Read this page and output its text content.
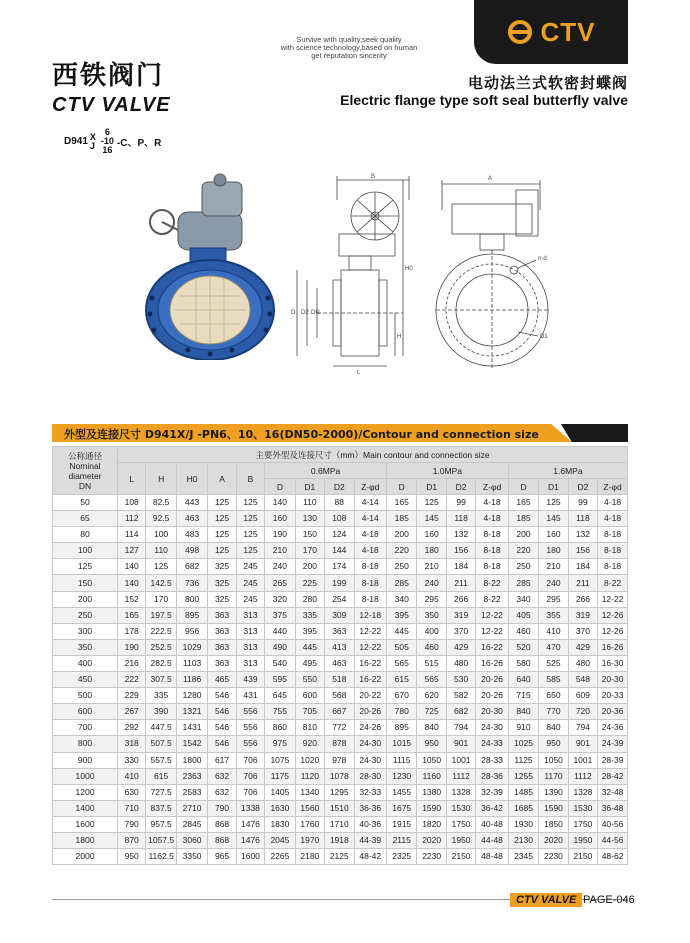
西铁阀门
CTV VALVE
Survive with quality,seek quality
with science technology,based on human
get reputation sincerity
CTV
电动法兰式软密封蝶阀
Electric flange type soft seal butterfly valve
D941 X
J
6
-10
16
-C、P、R
B
H0
H
D D2 DN
L
A
n-d
D1
外型及连接尺寸 D941X/J -PN6、10、16(DN50-2000)/Contour and connection size
公称通径
Nominal
diameter
DN	主要外型及连接尺寸（mm）Main contour and connection size																
	L	H	H0	A	B	0.6MPa				1.0MPa				1.6MPa			
						D	D1	D2	Z-φd	D	D1	D2	Z-φd	D	D1	D2	Z-φd
50	108	82.5	443	125	125	140	110	88	4-14	165	125	99	4-18	165	125	99	4-18
65	112	92.5	463	125	125	160	130	108	4-14	185	145	118	4-18	185	145	118	4-18
80	114	100	483	125	125	190	150	124	4-18	200	160	132	8-18	200	160	132	8-18
100	127	110	498	125	125	210	170	144	4-18	220	180	156	8-18	220	180	156	8-18
125	140	125	682	325	245	240	200	174	8-18	250	210	184	8-18	250	210	184	8-18
150	140	142.5	736	325	245	265	225	199	8-18	285	240	211	8-22	285	240	211	8-22
200	152	170	800	325	245	320	280	254	8-18	340	295	266	8-22	340	295	266	12-22
250	165	197.5	895	363	313	375	335	309	12-18	395	350	319	12-22	405	355	319	12-26
300	178	222.5	956	363	313	440	395	363	12-22	445	400	370	12-22	460	410	370	12-26
350	190	252.5	1029	363	313	490	445	413	12-22	505	460	429	16-22	520	470	429	16-26
400	216	282.5	1103	363	313	540	495	463	16-22	565	515	480	16-26	580	525	480	16-30
450	222	307.5	1186	465	439	595	550	518	16-22	615	565	530	20-26	640	585	548	20-30
500	229	335	1280	546	431	645	600	568	20-22	670	620	582	20-26	715	650	609	20-33
600	267	390	1321	546	556	755	705	667	20-26	780	725	682	20-30	840	770	720	20-36
700	292	447.5	1431	546	556	860	810	772	24-26	895	840	794	24-30	910	840	794	24-36
800	318	507.5	1542	546	556	975	920	878	24-30	1015	950	901	24-33	1025	950	901	24-39
900	330	557.5	1800	617	706	1075	1020	978	24-30	1115	1050	1001	28-33	1125	1050	1001	28-39
1000	410	615	2363	632	706	1175	1120	1078	28-30	1230	1160	1112	28-36	1255	1170	1112	28-42
1200	630	727.5	2583	632	706	1405	1340	1295	32-33	1455	1380	1328	32-39	1485	1390	1328	32-48
1400	710	837.5	2710	790	1338	1630	1560	1510	36-36	1675	1590	1530	36-42	1685	1590	1530	36-48
1600	790	957.5	2845	868	1476	1830	1760	1710	40-36	1915	1820	1750	40-48	1930	1850	1750	40-56
1800	870	1057.5	3060	868	1476	2045	1970	1918	44-39	2115	2020	1950	44-48	2130	2020	1950	44-56
2000	950	1162.5	3350	965	1600	2265	2180	2125	48-42	2325	2230	2150	48-48	2345	2230	2150	48-62
CTV VALVE PAGE-046
